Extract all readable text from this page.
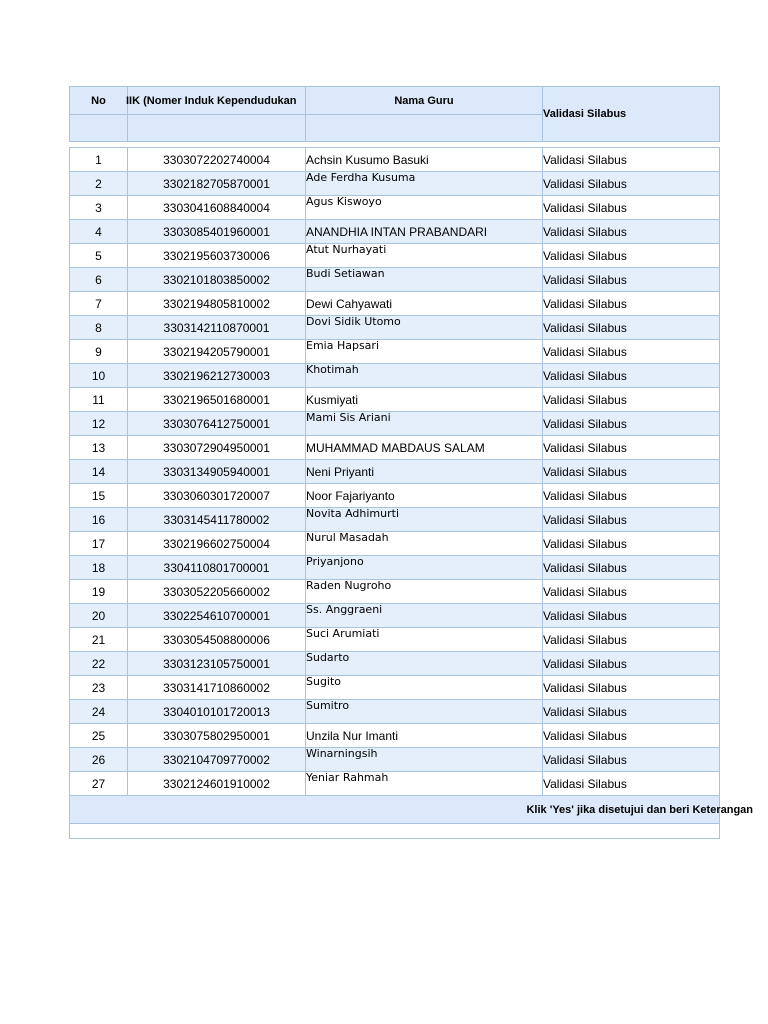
No	IIK (Nomer Induk Kependudukan	Nama Guru	Validasi Silabus

1	3303072202740004	Achsin Kusumo Basuki	Validasi Silabus
2	3302182705870001	Ade Ferdha Kusuma	Validasi Silabus
3	3303041608840004	Agus Kiswoyo	Validasi Silabus
4	3303085401960001	ANANDHIA INTAN PRABANDARI	Validasi Silabus
5	3302195603730006	Atut Nurhayati	Validasi Silabus
6	3302101803850002	Budi Setiawan	Validasi Silabus
7	3302194805810002	Dewi Cahyawati	Validasi Silabus
8	3303142110870001	Dovi Sidik Utomo	Validasi Silabus
9	3302194205790001	Emia Hapsari	Validasi Silabus
10	3302196212730003	Khotimah	Validasi Silabus
11	3302196501680001	Kusmiyati	Validasi Silabus
12	3303076412750001	Mami Sis Ariani	Validasi Silabus
13	3303072904950001	MUHAMMAD MABDAUS SALAM	Validasi Silabus
14	3303134905940001	Neni Priyanti	Validasi Silabus
15	3303060301720007	Noor Fajariyanto	Validasi Silabus
16	3303145411780002	Novita Adhimurti	Validasi Silabus
17	3302196602750004	Nurul Masadah	Validasi Silabus
18	3304110801700001	Priyanjono	Validasi Silabus
19	3303052205660002	Raden Nugroho	Validasi Silabus
20	3302254610700001	Ss. Anggraeni	Validasi Silabus
21	3303054508800006	Suci Arumiati	Validasi Silabus
22	3303123105750001	Sudarto	Validasi Silabus
23	3303141710860002	Sugito	Validasi Silabus
24	3304010101720013	Sumitro	Validasi Silabus
25	3303075802950001	Unzila Nur Imanti	Validasi Silabus
26	3302104709770002	Winarningsih	Validasi Silabus
27	3302124601910002	Yeniar Rahmah	Validasi Silabus
Klik 'Yes' jika disetujui dan beri Keterangan			
